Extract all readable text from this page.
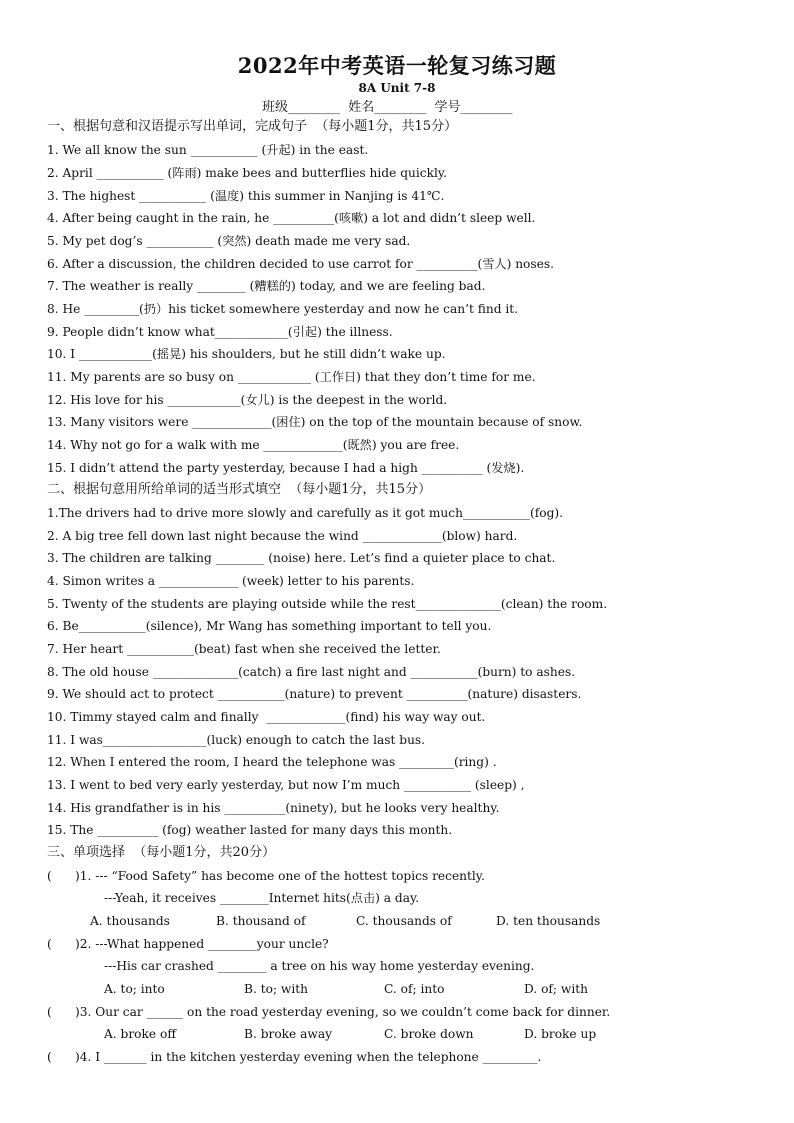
2022年中考英语一轮复习练习题
8A Unit 7-8
班级________  姓名________  学号________
一、根据句意和汉语提示写出单词，完成句子  （每小题1分，共15分）
1. We all know the sun ___________ (升起) in the east.
2. April ___________ (阵雨) make bees and butterflies hide quickly.
3. The highest ___________ (温度) this summer in Nanjing is 41℃.
4. After being caught in the rain, he __________(咳嗽) a lot and didn’t sleep well.
5. My pet dog’s ___________ (突然) death made me very sad.
6. After a discussion, the children decided to use carrot for __________(雪人) noses.
7. The weather is really ________ (糟糕的) today, and we are feeling bad.
8. He _________(扔）his ticket somewhere yesterday and now he can’t find it.
9. People didn’t know what____________(引起) the illness.
10. I ____________(摇晃) his shoulders, but he still didn’t wake up.
11. My parents are so busy on ____________ (工作日) that they don’t time for me.
12. His love for his ____________(女儿) is the deepest in the world.
13. Many visitors were _____________(困住) on the top of the mountain because of snow.
14. Why not go for a walk with me _____________(既然) you are free.
15. I didn’t attend the party yesterday, because I had a high __________ (发烧).
二、根据句意用所给单词的适当形式填空  （每小题1分，共15分）
1.The drivers had to drive more slowly and carefully as it got much___________(fog).
2. A big tree fell down last night because the wind _____________(blow) hard.
3. The children are talking ________ (noise) here. Let’s find a quieter place to chat.
4. Simon writes a _____________ (week) letter to his parents.
5. Twenty of the students are playing outside while the rest______________(clean) the room.
6. Be___________(silence), Mr Wang has something important to tell you.
7. Her heart ___________(beat) fast when she received the letter.
8. The old house ______________(catch) a fire last night and ___________(burn) to ashes.
9. We should act to protect ___________(nature) to prevent __________(nature) disasters.
10. Timmy stayed calm and finally  _____________(find) his way way out.
11. I was_________________(luck) enough to catch the last bus.
12. When I entered the room, I heard the telephone was _________(ring) .
13. I went to bed very early yesterday, but now I’m much ___________ (sleep) ,
14. His grandfather is in his __________(ninety), but he looks very healthy.
15. The __________ (fog) weather lasted for many days this month.
三、单项选择  （每小题1分，共20分）
(      )1. --- “Food Safety” has become one of the hottest topics recently.
---Yeah, it receives ________Internet hits(点击) a day.
A. thousands	B. thousand of	C. thousands of	D. ten thousands
(      )2. ---What happened ________your uncle?
---His car crashed ________ a tree on his way home yesterday evening.
A. to; into	B. to; with	C. of; into	D. of; with
(      )3. Our car ______ on the road yesterday evening, so we couldn’t come back for dinner.
A. broke off	B. broke away	C. broke down	D. broke up
(      )4. I _______ in the kitchen yesterday evening when the telephone _________.
